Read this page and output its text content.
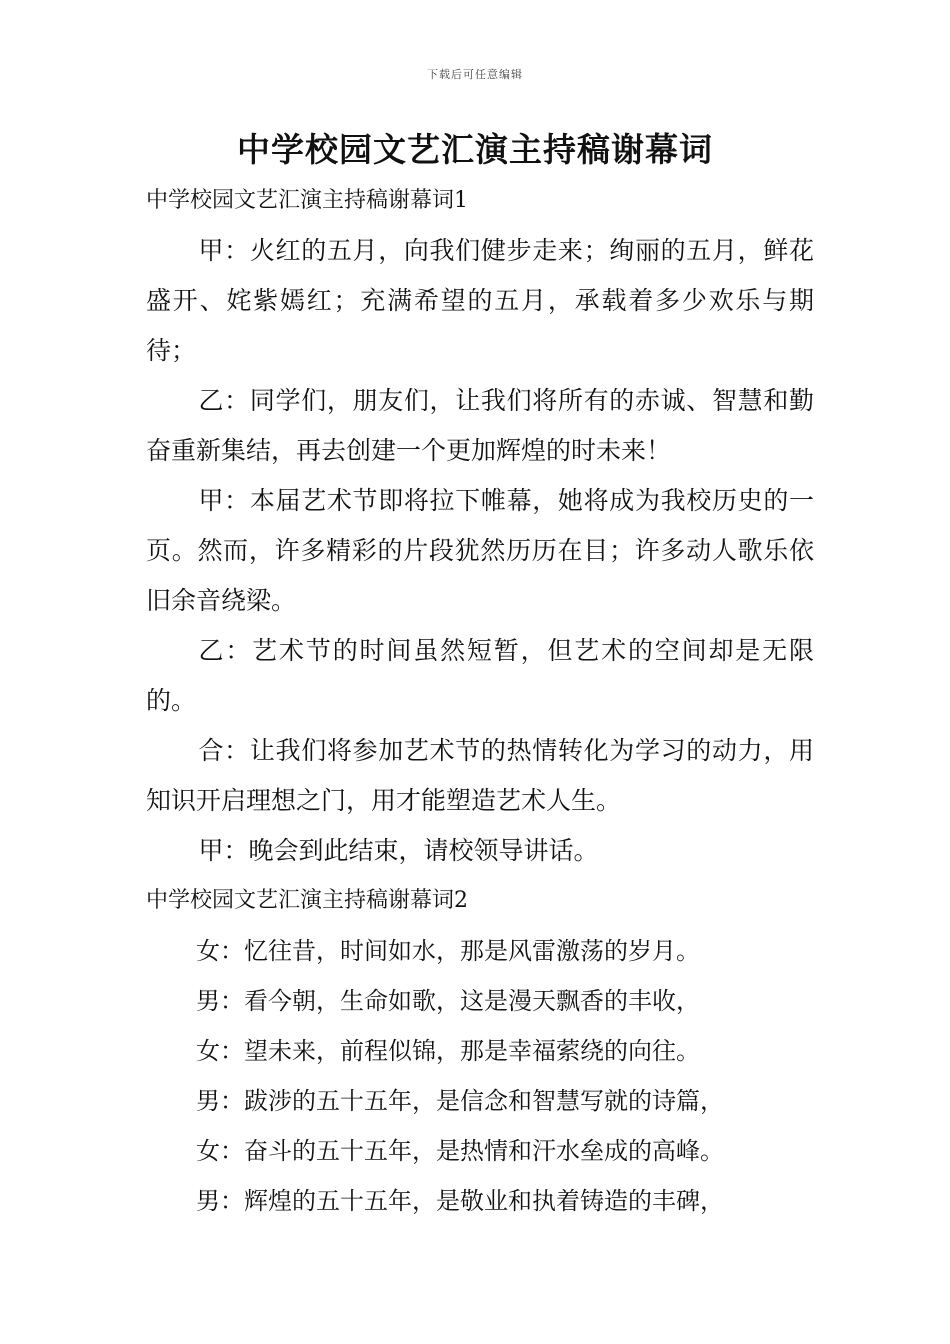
下载后可任意编辑
中学校园文艺汇演主持稿谢幕词
中学校园文艺汇演主持稿谢幕词1

甲：火红的五月，向我们健步走来；绚丽的五月，鲜花盛开、姹紫嫣红；充满希望的五月，承载着多少欢乐与期待；

乙：同学们，朋友们，让我们将所有的赤诚、智慧和勤奋重新集结，再去创建一个更加辉煌的时未来！

甲：本届艺术节即将拉下帷幕，她将成为我校历史的一页。然而，许多精彩的片段犹然历历在目；许多动人歌乐依旧余音绕梁。

乙：艺术节的时间虽然短暂，但艺术的空间却是无限的。

合：让我们将参加艺术节的热情转化为学习的动力，用知识开启理想之门，用才能塑造艺术人生。

甲：晚会到此结束，请校领导讲话。

中学校园文艺汇演主持稿谢幕词2

女：忆往昔，时间如水，那是风雷激荡的岁月。

男：看今朝，生命如歌，这是漫天飘香的丰收，

女：望未来，前程似锦，那是幸福萦绕的向往。

男：跋涉的五十五年，是信念和智慧写就的诗篇，

女：奋斗的五十五年，是热情和汗水垒成的高峰。

男：辉煌的五十五年，是敬业和执着铸造的丰碑，
